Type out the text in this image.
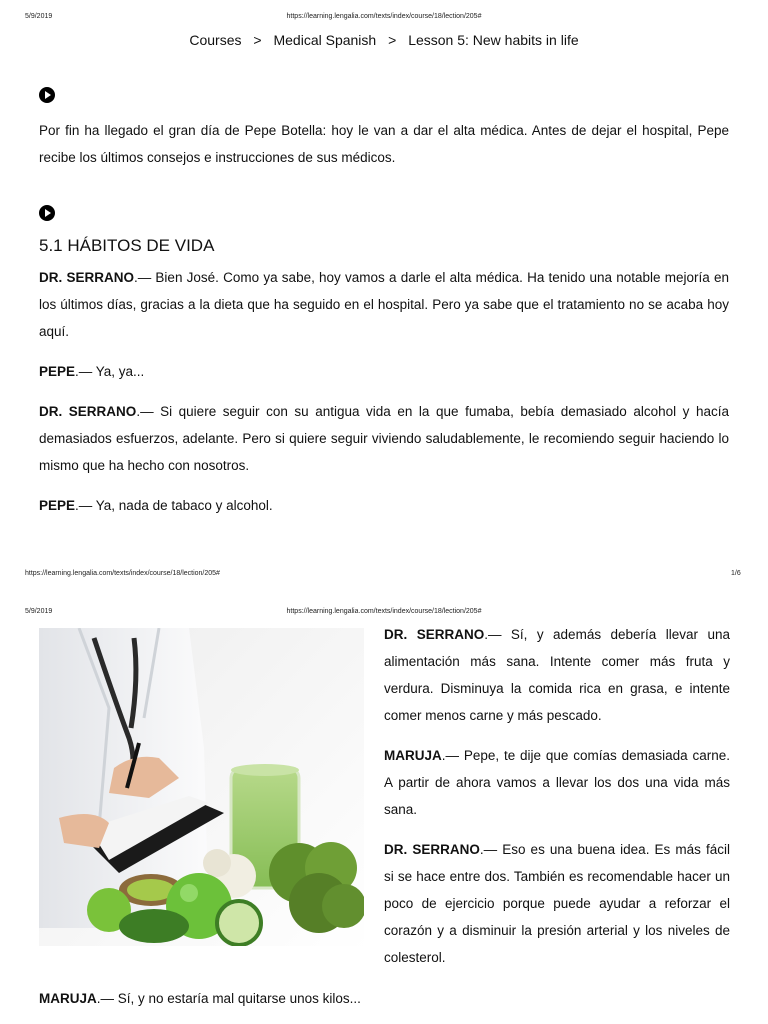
5/9/2019	https://learning.lengalia.com/texts/index/course/18/lection/205#
Courses > Medical Spanish > Lesson 5: New habits in life

Por fin ha llegado el gran día de Pepe Botella: hoy le van a dar el alta médica. Antes de dejar el hospital, Pepe recibe los últimos consejos e instrucciones de sus médicos.

5.1 HÁBITOS DE VIDA

DR. SERRANO.— Bien José. Como ya sabe, hoy vamos a darle el alta médica. Ha tenido una notable mejoría en los últimos días, gracias a la dieta que ha seguido en el hospital. Pero ya sabe que el tratamiento no se acaba hoy aquí.

PEPE.— Ya, ya...

DR. SERRANO.— Si quiere seguir con su antigua vida en la que fumaba, bebía demasiado alcohol y hacía demasiados esfuerzos, adelante. Pero si quiere seguir viviendo saludablemente, le recomiendo seguir haciendo lo mismo que ha hecho con nosotros.

PEPE.— Ya, nada de tabaco y alcohol.

https://learning.lengalia.com/texts/index/course/18/lection/205#	1/6
5/9/2019	https://learning.lengalia.com/texts/index/course/18/lection/205#

DR. SERRANO.— Sí, y además debería llevar una alimentación más sana. Intente comer más fruta y verdura. Disminuya la comida rica en grasa, e intente comer menos carne y más pescado.

MARUJA.— Pepe, te dije que comías demasiada carne. A partir de ahora vamos a llevar los dos una vida más sana.

DR. SERRANO.— Eso es una buena idea. Es más fácil si se hace entre dos. También es recomendable hacer un poco de ejercicio porque puede ayudar a reforzar el corazón y a disminuir la presión arterial y los niveles de colesterol.

MARUJA.— Sí, y no estaría mal quitarse unos kilos...
